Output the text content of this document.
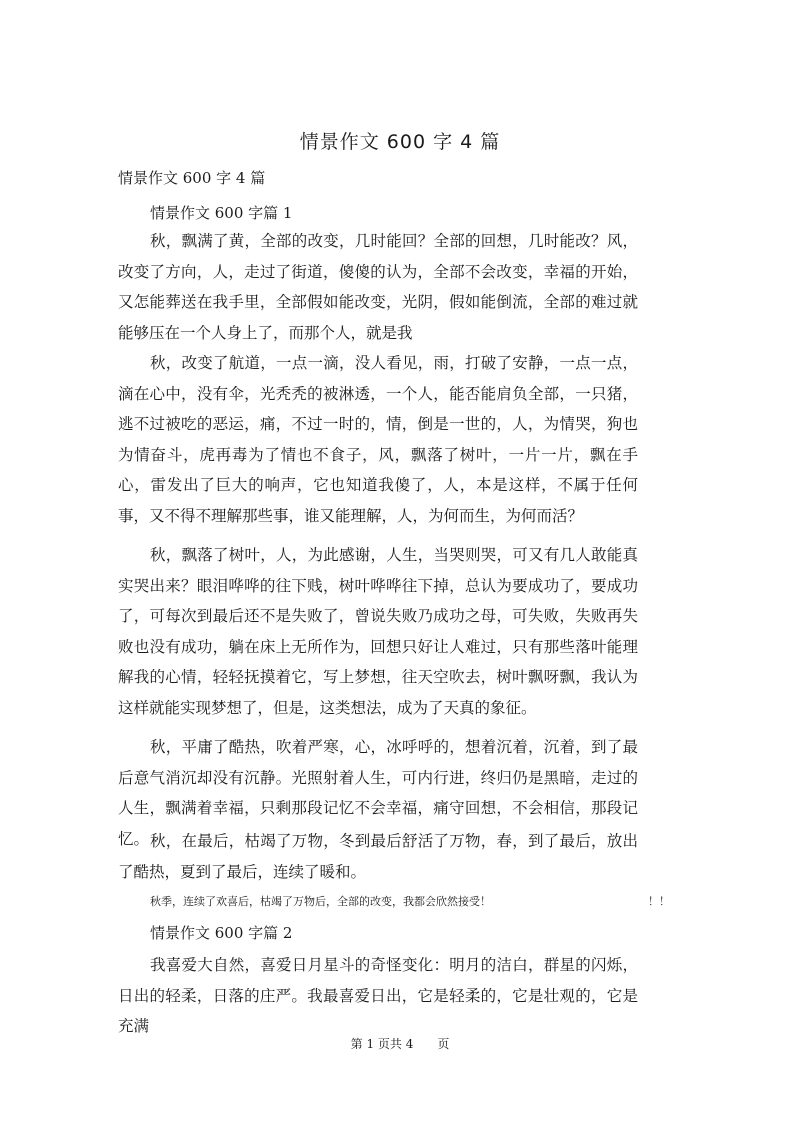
情景作文 600 字 4 篇
情景作文 600 字 4 篇
情景作文 600 字篇 1
秋，飘满了黄，全部的改变，几时能回？全部的回想，几时能改？风，改变了方向，人，走过了街道，傻傻的认为，全部不会改变，幸福的开始，又怎能葬送在我手里，全部假如能改变，光阴，假如能倒流，全部的难过就能够压在一个人身上了，而那个人，就是我
秋，改变了航道，一点一滴，没人看见，雨，打破了安静，一点一点，滴在心中，没有伞，光秃秃的被淋透，一个人，能否能肩负全部，一只猪，逃不过被吃的恶运，痛，不过一时的，情，倒是一世的，人，为情哭，狗也为情奋斗，虎再毒为了情也不食子，风，飘落了树叶，一片一片，飘在手心，雷发出了巨大的响声，它也知道我傻了，人，本是这样，不属于任何事，又不得不理解那些事，谁又能理解，人，为何而生，为何而活？
秋，飘落了树叶，人，为此感谢，人生，当哭则哭，可又有几人敢能真实哭出来？眼泪哗哗的往下贱，树叶哗哗往下掉，总认为要成功了，要成功了，可每次到最后还不是失败了，曾说失败乃成功之母，可失败，失败再失败也没有成功，躺在床上无所作为，回想只好让人难过，只有那些落叶能理解我的心情，轻轻抚摸着它，写上梦想，往天空吹去，树叶飘呀飘，我认为这样就能实现梦想了，但是，这类想法，成为了天真的象征。
秋，平庸了酷热，吹着严寒，心，冰呼呼的，想着沉着，沉着，到了最后意气消沉却没有沉静。光照射着人生，可内行进，终归仍是黑暗，走过的人生，飘满着幸福，只剩那段记忆不会幸福，痛守回想，不会相信，那段记忆。 秋，在最后，枯竭了万物，冬到最后舒活了万物，春，到了最后，放出了酷热，夏到了最后，连续了暖和。
秋季，连续了欢喜后，枯竭了万物后，全部的改变，我都会欣然接受！	！！
情景作文 600 字篇 2
我喜爱大自然，喜爱日月星斗的奇怪变化：明月的洁白，群星的闪烁，日出的轻柔，日落的庄严。我最喜爱日出，它是轻柔的，它是壮观的，它是充满
第 1 页共 4　　页
